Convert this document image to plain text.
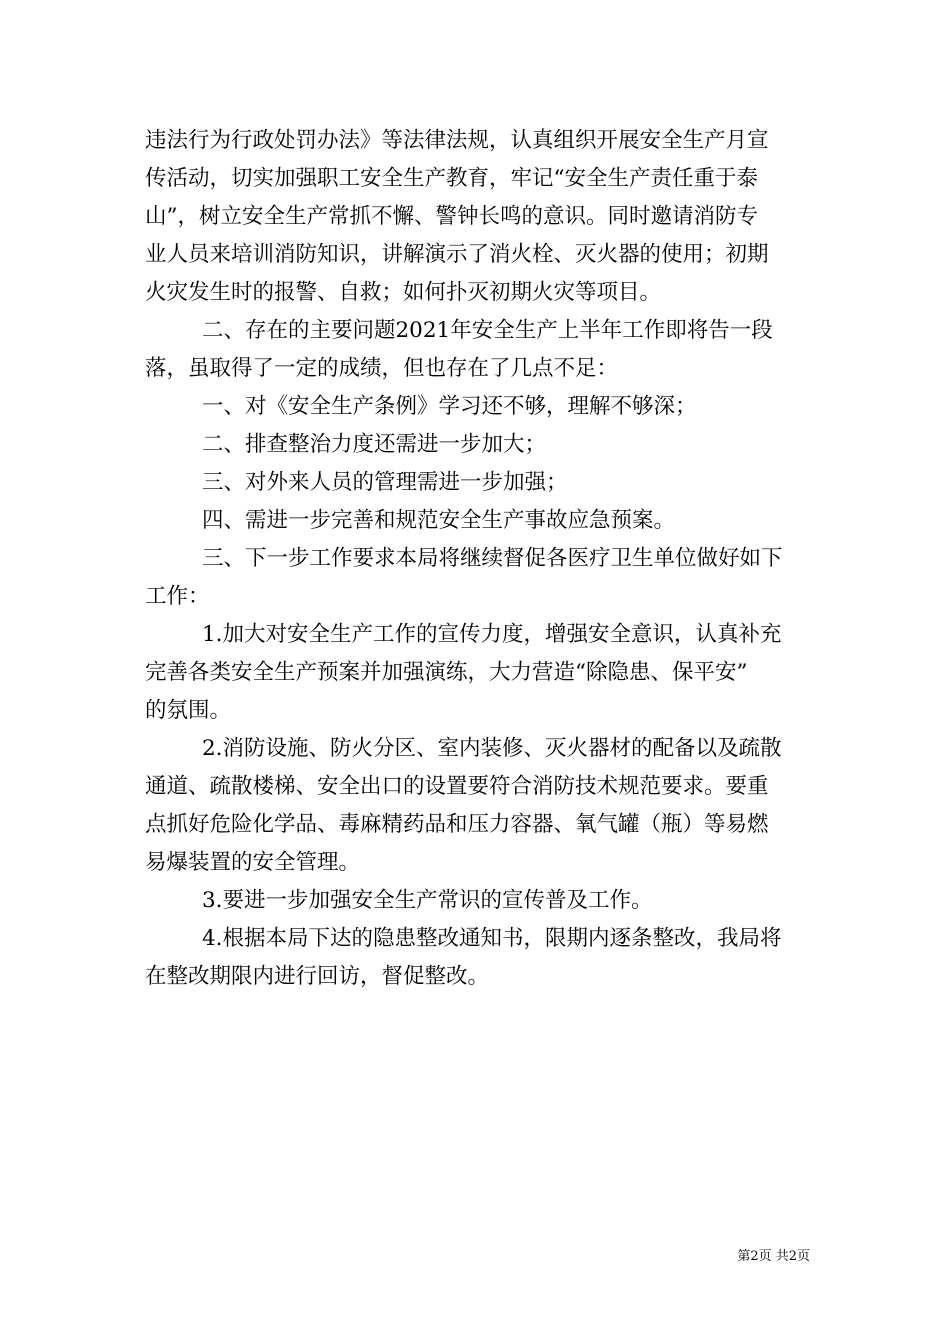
违法行为行政处罚办法》等法律法规，认真组织开展安全生产月宣
传活动，切实加强职工安全生产教育，牢记“安全生产责任重于泰
山”，树立安全生产常抓不懈、警钟长鸣的意识。同时邀请消防专
业人员来培训消防知识，讲解演示了消火栓、灭火器的使用；初期
火灾发生时的报警、自救；如何扑灭初期火灾等项目。
二、存在的主要问题2021年安全生产上半年工作即将告一段
落，虽取得了一定的成绩，但也存在了几点不足：
一、对《安全生产条例》学习还不够，理解不够深；
二、排查整治力度还需进一步加大；
三、对外来人员的管理需进一步加强；
四、需进一步完善和规范安全生产事故应急预案。
三、下一步工作要求本局将继续督促各医疗卫生单位做好如下
工作：
1.加大对安全生产工作的宣传力度，增强安全意识，认真补充
完善各类安全生产预案并加强演练，大力营造“除隐患、保平安”
的氛围。
2.消防设施、防火分区、室内装修、灭火器材的配备以及疏散
通道、疏散楼梯、安全出口的设置要符合消防技术规范要求。要重
点抓好危险化学品、毒麻精药品和压力容器、氧气罐（瓶）等易燃
易爆装置的安全管理。
3.要进一步加强安全生产常识的宣传普及工作。
4.根据本局下达的隐患整改通知书，限期内逐条整改，我局将
在整改期限内进行回访，督促整改。
第2页 共2页
